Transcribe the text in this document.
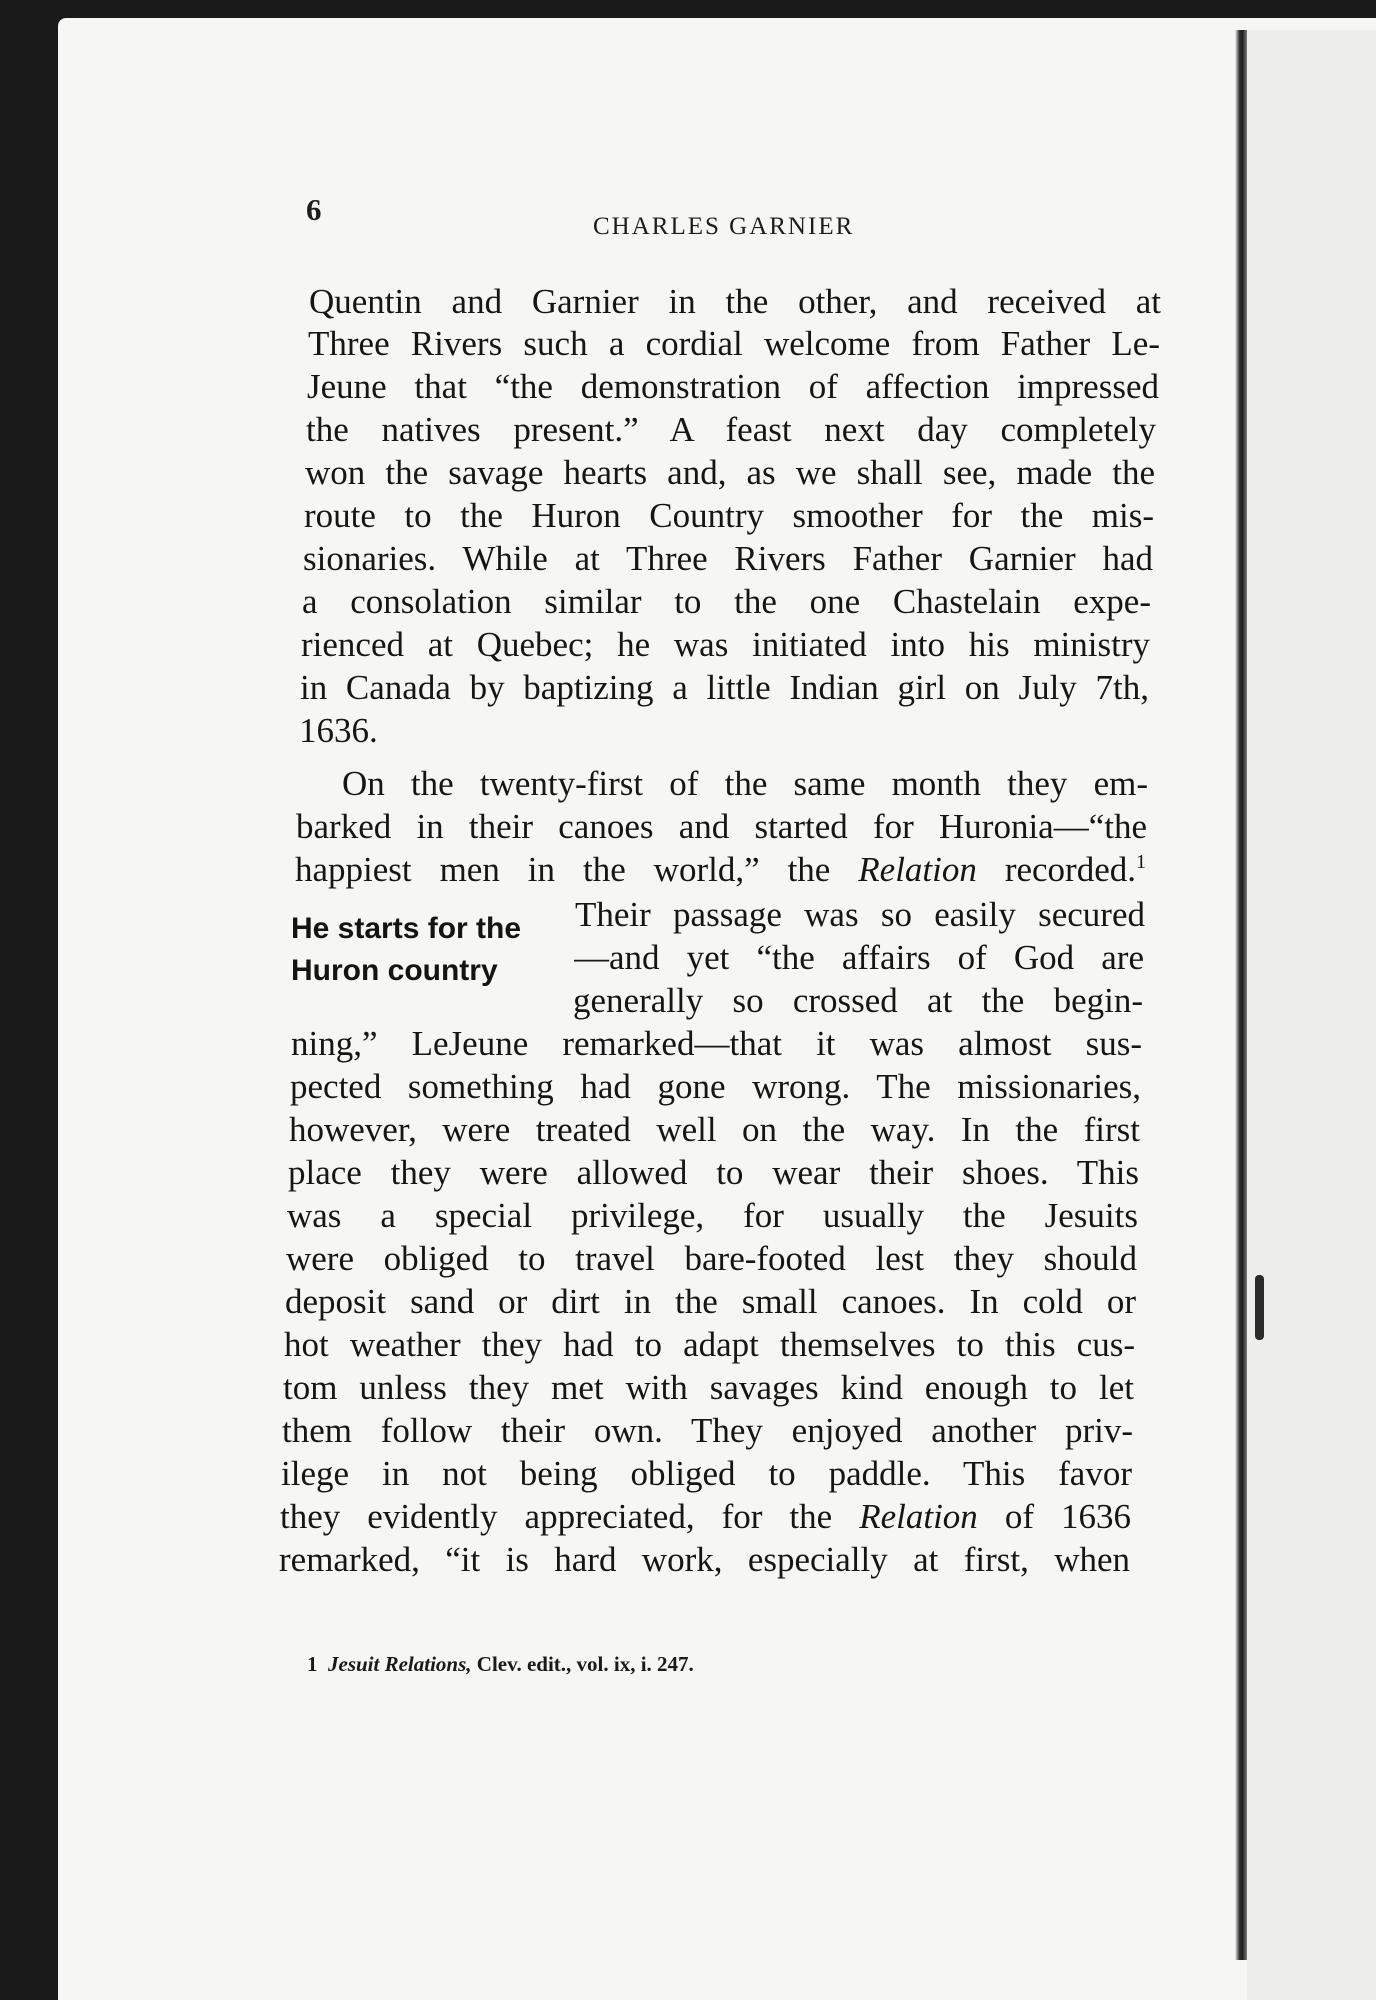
6	CHARLES GARNIER
Quentin and Garnier in the other, and received at
Three Rivers such a cordial welcome from Father Le-
Jeune that “the demonstration of affection impressed
the natives present.” A feast next day completely
won the savage hearts and, as we shall see, made the
route to the Huron Country smoother for the mis-
sionaries. While at Three Rivers Father Garnier had
a consolation similar to the one Chastelain expe-
rienced at Quebec; he was initiated into his ministry
in Canada by baptizing a little Indian girl on July 7th,
1636.
On the twenty-first of the same month they em-
barked in their canoes and started for Huronia—“the
happiest men in the world,” the Relation recorded.$^1$
Their passage was so easily secured
—and yet “the affairs of God are
generally so crossed at the begin-
ning,” LeJeune remarked—that it was almost sus-
pected something had gone wrong. The missionaries,
however, were treated well on the way. In the first
place they were allowed to wear their shoes. This
was a special privilege, for usually the Jesuits
were obliged to travel bare-footed lest they should
deposit sand or dirt in the small canoes. In cold or
hot weather they had to adapt themselves to this cus-
tom unless they met with savages kind enough to let
them follow their own. They enjoyed another priv-
ilege in not being obliged to paddle. This favor
they evidently appreciated, for the Relation of 1636
remarked, “it is hard work, especially at first, when
He starts for the
Huron country
1 Jesuit Relations, Clev. edit., vol. ix, i. 247.
